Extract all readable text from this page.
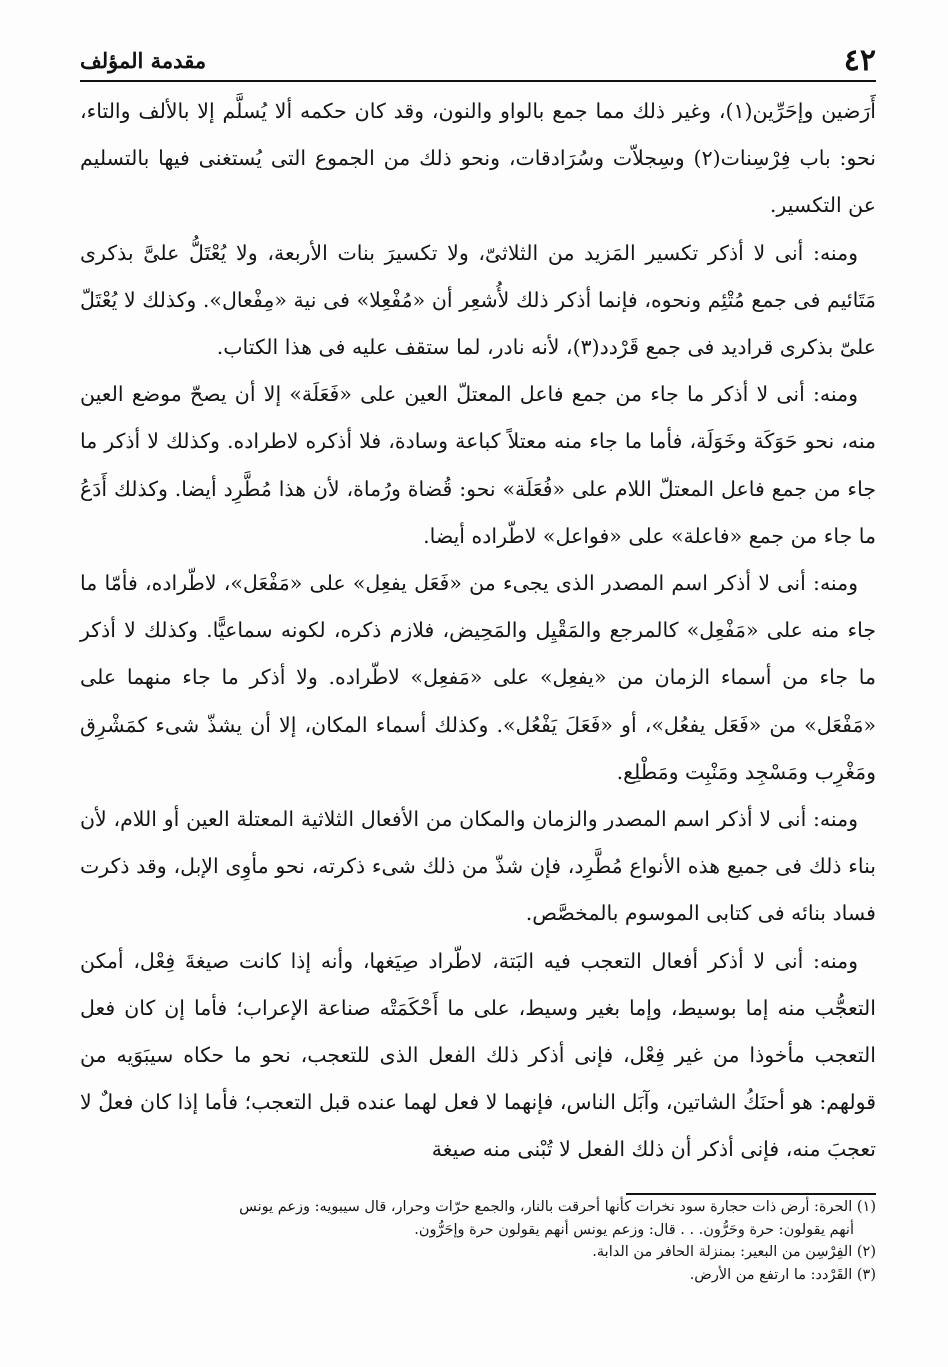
٤٢
مقدمة المؤلف

أَرَضين وإحَرِّين(١)، وغير ذلك مما جمع بالواو والنون، وقد كان حكمه ألا يُسلَّم إلا بالألف والتاء، نحو: باب فِرْسِنات(٢) وسِجلاّت وسُرَادقات، ونحو ذلك من الجموع التى يُستغنى فيها بالتسليم عن التكسير.

ومنه: أنى لا أذكر تكسير المَزيد من الثلاثىّ، ولا تكسيرَ بنات الأربعة، ولا يُعْتَلُّ علىَّ بذكرى مَتَائيم فى جمع مُتْئِم ونحوه، فإنما أذكر ذلك لأُشعِر أن «مُفْعِلا» فى نية «مِفْعال». وكذلك لا يُعْتَلّ علىّ بذكرى قراديد فى جمع قَرْدد(٣)، لأنه نادر، لما ستقف عليه فى هذا الكتاب.

ومنه: أنى لا أذكر ما جاء من جمع فاعل المعتلّ العين على «فَعَلَة» إلا أن يصحّ موضع العين منه، نحو حَوَكَة وخَوَلَة، فأما ما جاء منه معتلاً كباعة وسادة، فلا أذكره لاطراده. وكذلك لا أذكر ما جاء من جمع فاعل المعتلّ اللام على «فُعَلَة» نحو: قُضاة ورُماة، لأن هذا مُطَّرِد أيضا. وكذلك أَدَعُ ما جاء من جمع «فاعلة» على «فواعل» لاطّراده أيضا.

ومنه: أنى لا أذكر اسم المصدر الذى يجىء من «فَعَل يفعِل» على «مَفْعَل»، لاطّراده، فأمّا ما جاء منه على «مَفْعِل» كالمرجع والمَقْيِل والمَحِيض، فلازم ذكره، لكونه سماعيًّا. وكذلك لا أذكر ما جاء من أسماء الزمان من «يفعِل» على «مَفعِل» لاطّراده. ولا أذكر ما جاء منهما على «مَفْعَل» من «فَعَل يفعُل»، أو «فَعَلَ يَفْعُل». وكذلك أسماء المكان، إلا أن يشذّ شىء كمَشْرِق ومَغْرِب ومَسْجِد ومَنْبِت ومَطْلِع.

ومنه: أنى لا أذكر اسم المصدر والزمان والمكان من الأفعال الثلاثية المعتلة العين أو اللام، لأن بناء ذلك فى جميع هذه الأنواع مُطَّرِد، فإن شذّ من ذلك شىء ذكرته، نحو مأوِى الإبل، وقد ذكرت فساد بنائه فى كتابى الموسوم بالمخصَّص.

ومنه: أنى لا أذكر أفعال التعجب فيه البَتة، لاطّراد صِيَغها، وأنه إذا كانت صيغةَ فِعْل، أمكن التعجُّب منه إما بوسيط، وإما بغير وسيط، على ما أَحْكَمَتْه صناعة الإعراب؛ فأما إن كان فعل التعجب مأخوذا من غير فِعْل، فإنى أذكر ذلك الفعل الذى للتعجب، نحو ما حكاه سيبَوَيه من قولهم: هو أحنَكُ الشاتين، وآبَل الناس، فإنهما لا فعل لهما عنده قبل التعجب؛ فأما إذا كان فعلٌ لا تعجبَ منه، فإنى أذكر أن ذلك الفعل لا تُبْنى منه صيغة

(١) الحرة: أرض ذات حجارة سود نخرات كأنها أحرقت بالنار، والجمع حرّات وحرار، قال سيبويه: وزعم يونس

أنهم يقولون: حرة وحَرُّون. . . قال: وزعم يونس أنهم يقولون حرة وإحَرُّون.

(٢) الفِرْسِن من البعير: بمنزلة الحافر من الدابة.

(٣) القَرْدد: ما ارتفع من الأرض.
